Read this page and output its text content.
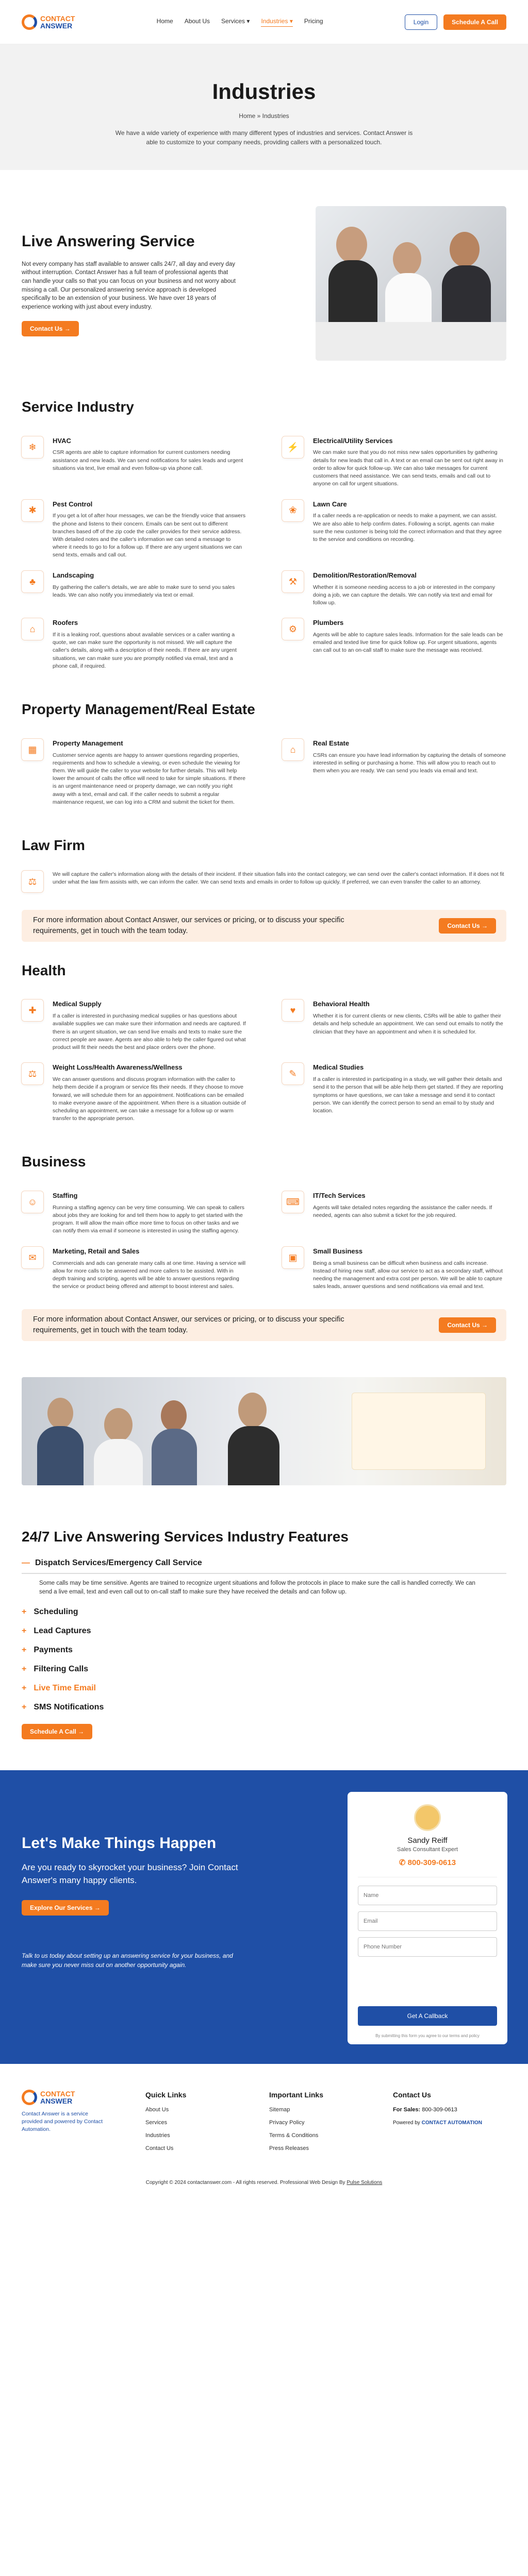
CONTACT
ANSWER
Home About Us Services ▾ Industries ▾ Pricing	Login	Schedule A Call
Industries
Home » Industries

We have a wide variety of experience with many different types of industries and services. Contact Answer is able to customize to your company needs, providing callers with a personalized touch.

Live Answering Service

Not every company has staff available to answer calls 24/7, all day and every day without interruption. Contact Answer has a full team of professional agents that can handle your calls so that you can focus on your business and not worry about missing a call. Our personalized answering service approach is developed specifically to be an extension of your business. We have over 18 years of experience working with just about every industry.

Contact Us →
Service Industry
❄
HVAC

CSR agents are able to capture information for current customers needing assistance and new leads. We can send notifications for sales leads and urgent situations via text, live email and even follow-up via phone call.

⚡
Electrical/Utility Services

We can make sure that you do not miss new sales opportunities by gathering details for new leads that call in. A text or an email can be sent out right away in order to allow for quick follow-up. We can also take messages for current customers that need assistance. We can send texts, emails and call out to anyone on call for urgent situations.

✱
Pest Control

If you get a lot of after hour messages, we can be the friendly voice that answers the phone and listens to their concern. Emails can be sent out to different branches based off of the zip code the caller provides for their service address. With detailed notes and the caller's information we can send a message to where it needs to go to for a follow up. If there are any urgent situations we can send texts, emails and call out.

❀
Lawn Care

If a caller needs a re-application or needs to make a payment, we can assist. We are also able to help confirm dates. Following a script, agents can make sure the new customer is being told the correct information and that they agree to the service and conditions on recording.

♣
Landscaping

By gathering the caller's details, we are able to make sure to send you sales leads. We can also notify you immediately via text or email.

⚒
Demolition/Restoration/Removal

Whether it is someone needing access to a job or interested in the company doing a job, we can capture the details. We can notify via text and email for follow up.

⌂
Roofers

If it is a leaking roof, questions about available services or a caller wanting a quote, we can make sure the opportunity is not missed. We will capture the caller's details, along with a description of their needs. If there are any urgent situations, we can make sure you are promptly notified via email, text and a phone call, if required.

⚙
Plumbers

Agents will be able to capture sales leads. Information for the sale leads can be emailed and texted live time for quick follow up. For urgent situations, agents can call out to an on-call staff to make sure the message was received.

Property Management/Real Estate
▦
Property Management

Customer service agents are happy to answer questions regarding properties, requirements and how to schedule a viewing, or even schedule the viewing for them. We will guide the caller to your website for further details. This will help lower the amount of calls the office will need to take for simple situations. If there is an urgent maintenance need or property damage, we can notify you right away with a text, email and call. If the caller needs to submit a regular maintenance request, we can log into a CRM and submit the ticket for them.

⌂
Real Estate

CSRs can ensure you have lead information by capturing the details of someone interested in selling or purchasing a home. This will allow you to reach out to them when you are ready. We can send you leads via email and text.

Law Firm
⚖

We will capture the caller's information along with the details of their incident. If their situation falls into the contact category, we can send over the caller's contact information. If it does not fit under what the law firm assists with, we can inform the caller. We can send texts and emails in order to follow up quickly. If preferred, we can even transfer the caller to an attorney.

For more information about Contact Answer, our services or pricing, or to discuss your specific requirements, get in touch with the team today.

Contact Us →
Health
✚
Medical Supply

If a caller is interested in purchasing medical supplies or has questions about available supplies we can make sure their information and needs are captured. If there is an urgent situation, we can send live emails and texts to make sure the correct people are aware. Agents are also able to help the caller figured out what product will fit their needs the best and place orders over the phone.

♥
Behavioral Health

Whether it is for current clients or new clients, CSRs will be able to gather their details and help schedule an appointment. We can send out emails to notify the clinician that they have an appointment and when it is scheduled for.

⚖
Weight Loss/Health Awareness/Wellness

We can answer questions and discuss program information with the caller to help them decide if a program or service fits their needs. If they choose to move forward, we will schedule them for an appointment. Notifications can be emailed to make everyone aware of the appointment. When there is a situation outside of scheduling an appointment, we can take a message for a follow up or warm transfer to the appropriate person.

✎
Medical Studies

If a caller is interested in participating in a study, we will gather their details and send it to the person that will be able help them get started. If they are reporting symptoms or have questions, we can take a message and send it to contact person. We can identify the correct person to send an email to by study and location.

Business
☺
Staffing

Running a staffing agency can be very time consuming. We can speak to callers about jobs they are looking for and tell them how to apply to get started with the program. It will allow the main office more time to focus on other tasks and we can notify them via email if someone is interested in using the staffing agency.

⌨
IT/Tech Services

Agents will take detailed notes regarding the assistance the caller needs. If needed, agents can also submit a ticket for the job required.

✉
Marketing, Retail and Sales

Commercials and ads can generate many calls at one time. Having a service will allow for more calls to be answered and more callers to be assisted. With in depth training and scripting, agents will be able to answer questions regarding the service or product being offered and attempt to boost interest and sales.

▣
Small Business

Being a small business can be difficult when business and calls increase. Instead of hiring new staff, allow our service to act as a secondary staff, without needing the management and extra cost per person. We will be able to capture sales leads, answer questions and send notifications via email and text.

For more information about Contact Answer, our services or pricing, or to discuss your specific requirements, get in touch with the team today.

Contact Us →
24/7 Live Answering Services Industry Features
— Dispatch Services/Emergency Call Service

Some calls may be time sensitive. Agents are trained to recognize urgent situations and follow the protocols in place to make sure the call is handled correctly. We can send a live email, text and even call out to on-call staff to make sure they have received the details and can follow up.

+ Scheduling
+ Lead Captures
+ Payments
+ Filtering Calls
+ Live Time Email
+ SMS Notifications
Schedule A Call →
Let's Make Things Happen

Are you ready to skyrocket your business? Join Contact Answer's many happy clients.

Explore Our Services →

Talk to us today about setting up an answering service for your business, and make sure you never miss out on another opportunity again.

Sandy Reiff
Sales Consultant Expert
✆ 800-309-0613
Name Email Phone Number
Get A Callback
By submitting this form you agree to our terms and policy
CONTACT
ANSWER

Contact Answer is a service provided and powered by Contact Automation.

Quick Links
About Us
Services
Industries
Contact Us
Important Links
Sitemap
Privacy Policy
Terms & Conditions
Press Releases
Contact Us

For Sales: 800-309-0613

Powered by CONTACT AUTOMATION

Copyright © 2024 contactanswer.com - All rights reserved. Professional Web Design By Pulse Solutions
